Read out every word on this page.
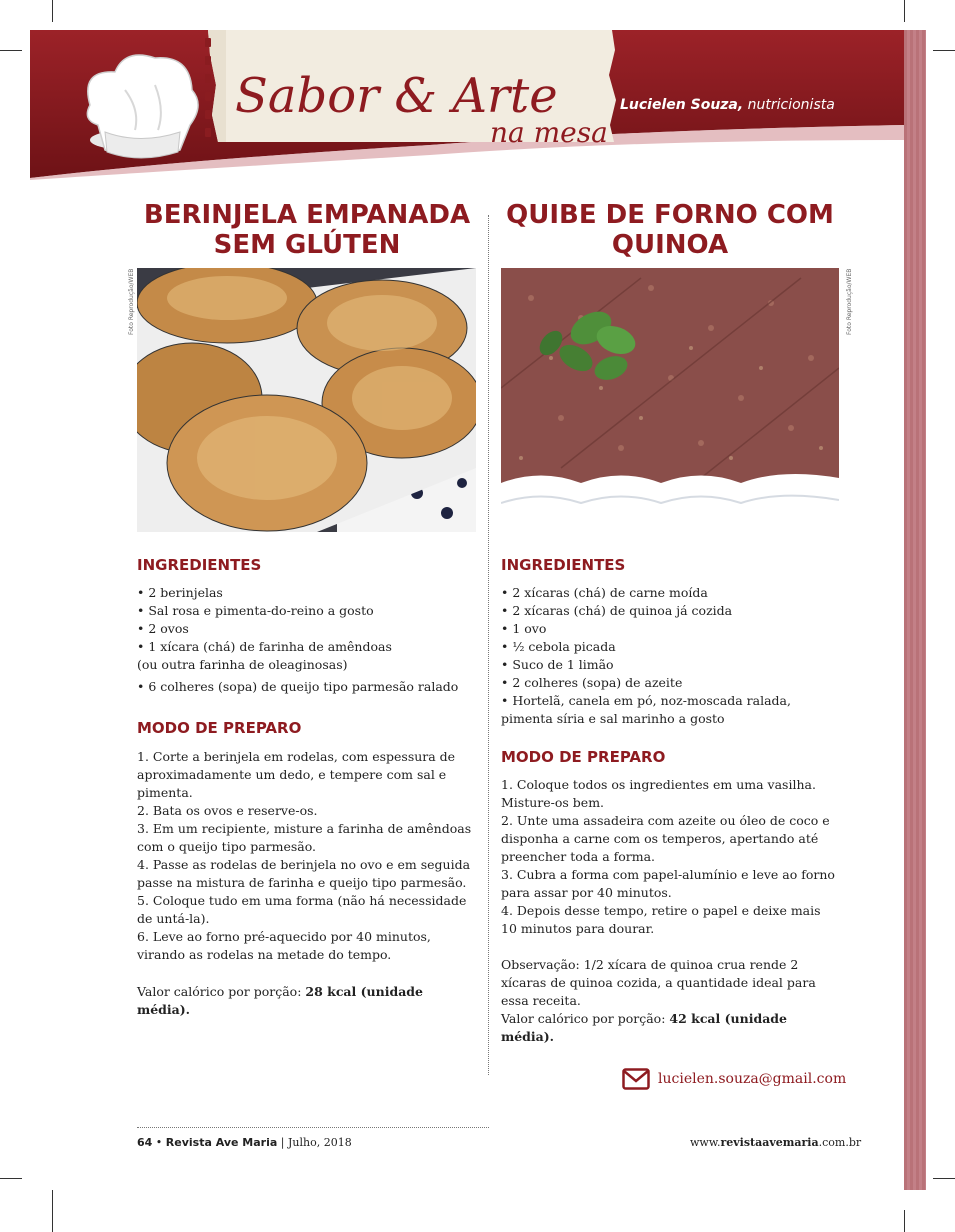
Sabor & Arte
na mesa
Lucielen Souza, nutricionista
BERINJELA EMPANADA
SEM GLÚTEN
Foto Reprodução/WEB
INGREDIENTES
• 2 berinjelas
• Sal rosa e pimenta-do-reino a gosto
• 2 ovos
• 1 xícara (chá) de farinha de amêndoas
(ou outra farinha de oleaginosas)
• 6 colheres (sopa) de queijo tipo parmesão ralado
MODO DE PREPARO

1. Corte a berinjela em rodelas, com espessura de aproximadamente um dedo, e tempere com sal e pimenta.

2. Bata os ovos e reserve-os.

3. Em um recipiente, misture a farinha de amêndoas com o queijo tipo parmesão.

4. Passe as rodelas de berinjela no ovo e em seguida passe na mistura de farinha e queijo tipo parmesão.

5. Coloque tudo em uma forma (não há necessidade de untá-la).

6. Leve ao forno pré-aquecido por 40 minutos, virando as rodelas na metade do tempo.

Valor calórico por porção: 28 kcal (unidade média).

QUIBE DE FORNO COM
QUINOA
Foto Reprodução/WEB
INGREDIENTES
• 2 xícaras (chá) de carne moída
• 2 xícaras (chá) de quinoa já cozida
• 1 ovo
• ½ cebola picada
• Suco de 1 limão
• 2 colheres (sopa) de azeite
• Hortelã, canela em pó, noz-moscada ralada,
pimenta síria e sal marinho a gosto
MODO DE PREPARO

1. Coloque todos os ingredientes em uma vasilha. Misture-os bem.

2. Unte uma assadeira com azeite ou óleo de coco e disponha a carne com os temperos, apertando até preencher toda a forma.

3. Cubra a forma com papel-alumínio e leve ao forno para assar por 40 minutos.

4. Depois desse tempo, retire o papel e deixe mais 10 minutos para dourar.

Observação: 1/2 xícara de quinoa crua rende 2 xícaras de quinoa cozida, a quantidade ideal para essa receita.

Valor calórico por porção: 42 kcal (unidade média).

lucielen.souza@gmail.com
64 • Revista Ave Maria | Julho, 2018	www.revistaavemaria.com.br
